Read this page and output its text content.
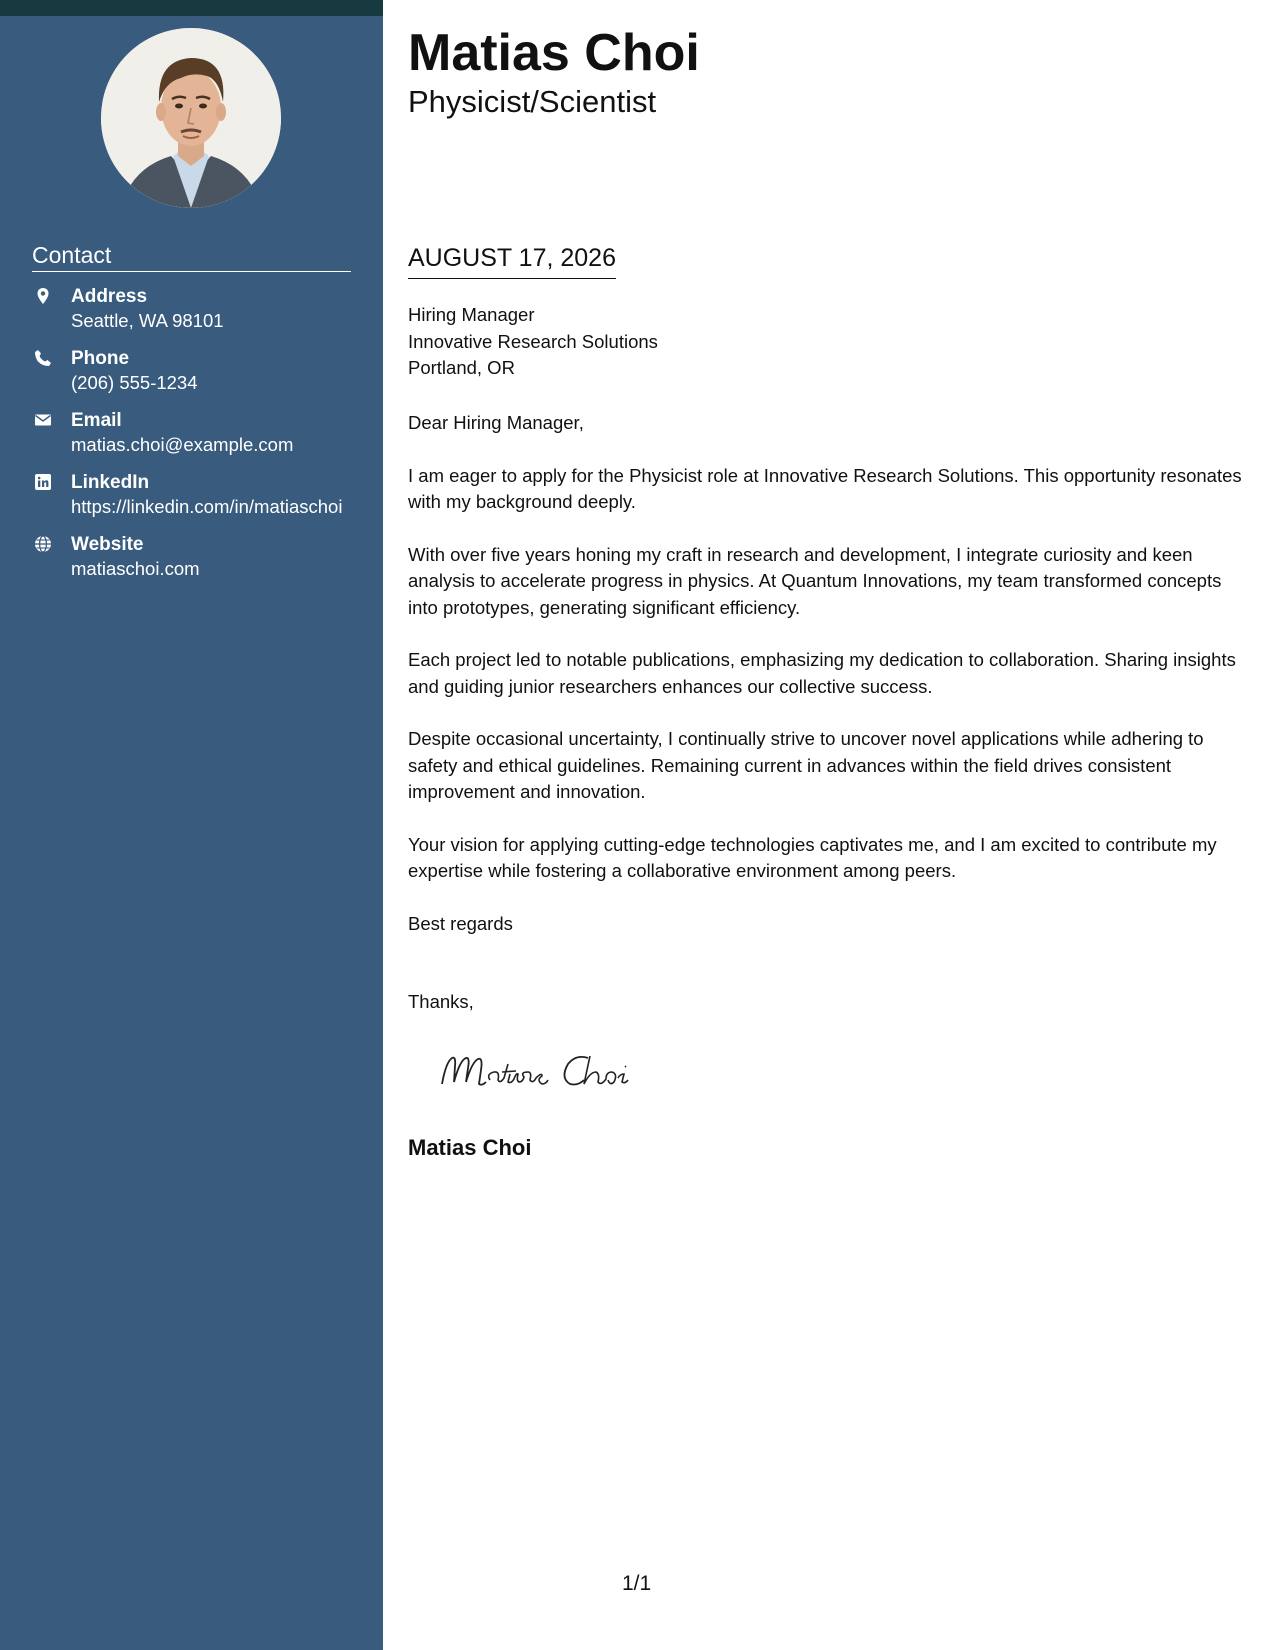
Contact
Address
Seattle, WA 98101
Phone
(206) 555-1234
Email
matias.choi@example.com
LinkedIn
https://linkedin.com/in/matiaschoi
Website
matiaschoi.com
Matias Choi
Physicist/Scientist
AUGUST 17, 2026
Hiring Manager
Innovative Research Solutions
Portland, OR

Dear Hiring Manager,

I am eager to apply for the Physicist role at Innovative Research Solutions. This opportunity resonates with my background deeply.

With over five years honing my craft in research and development, I integrate curiosity and keen analysis to accelerate progress in physics. At Quantum Innovations, my team transformed concepts into prototypes, generating significant efficiency.

Each project led to notable publications, emphasizing my dedication to collaboration. Sharing insights and guiding junior researchers enhances our collective success.

Despite occasional uncertainty, I continually strive to uncover novel applications while adhering to safety and ethical guidelines. Remaining current in advances within the field drives consistent improvement and innovation.

Your vision for applying cutting-edge technologies captivates me, and I am excited to contribute my expertise while fostering a collaborative environment among peers.

Best regards

Thanks,

Matias Choi
1/1
